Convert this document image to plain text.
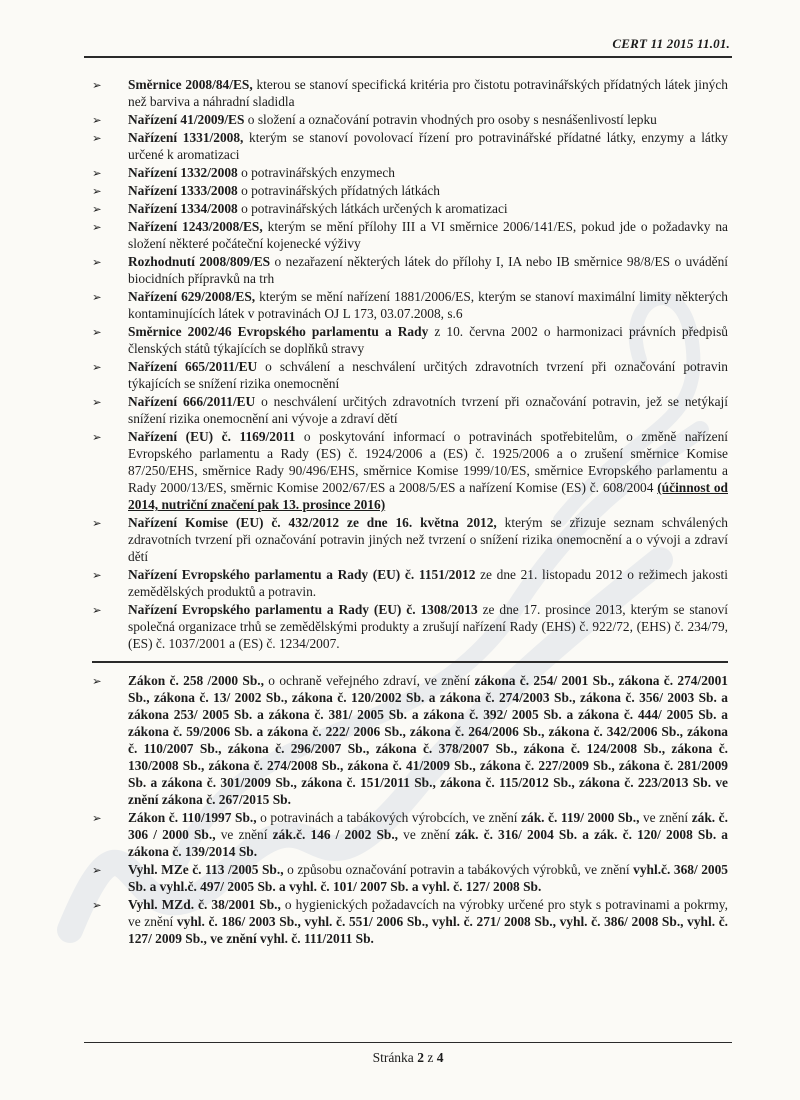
CERT 11 2015 11.01.
➢	Směrnice 2008/84/ES, kterou se stanoví specifická kritéria pro čistotu potravinářských přídatných látek jiných než barviva a náhradní sladidla
➢	Nařízení 41/2009/ES o složení a označování potravin vhodných pro osoby s nesnášenlivostí lepku
➢	Nařízení 1331/2008, kterým se stanoví povolovací řízení pro potravinářské přídatné látky, enzymy a látky určené k aromatizaci
➢	Nařízení 1332/2008 o potravinářských enzymech
➢	Nařízení 1333/2008 o potravinářských přídatných látkách
➢	Nařízení 1334/2008 o potravinářských látkách určených k aromatizaci
➢	Nařízení 1243/2008/ES, kterým se mění přílohy III a VI směrnice 2006/141/ES, pokud jde o požadavky na složení některé počáteční kojenecké výživy
➢	Rozhodnutí 2008/809/ES o nezařazení některých látek do přílohy I, IA nebo IB směrnice 98/8/ES o uvádění biocidních přípravků na trh
➢	Nařízení 629/2008/ES, kterým se mění nařízení 1881/2006/ES, kterým se stanoví maximální limity některých kontaminujících látek v potravinách OJ L 173, 03.07.2008, s.6
➢	Směrnice 2002/46 Evropského parlamentu a Rady z 10. června 2002 o harmonizaci právních předpisů členských států týkajících se doplňků stravy
➢	Nařízení 665/2011/EU o schválení a neschválení určitých zdravotních tvrzení při označování potravin týkajících se snížení rizika onemocnění
➢	Nařízení 666/2011/EU o neschválení určitých zdravotních tvrzení při označování potravin, jež se netýkají snížení rizika onemocnění ani vývoje a zdraví dětí
➢	Nařízení (EU) č. 1169/2011 o poskytování informací o potravinách spotřebitelům, o změně nařízení Evropského parlamentu a Rady (ES) č. 1924/2006 a (ES) č. 1925/2006 a o zrušení směrnice Komise 87/250/EHS, směrnice Rady 90/496/EHS, směrnice Komise 1999/10/ES, směrnice Evropského parlamentu a Rady 2000/13/ES, směrnic Komise 2002/67/ES a 2008/5/ES a nařízení Komise (ES) č. 608/2004 (účinnost od 2014, nutriční značení pak 13. prosince 2016)
➢	Nařízení Komise (EU) č. 432/2012 ze dne 16. května 2012, kterým se zřizuje seznam schválených zdravotních tvrzení při označování potravin jiných než tvrzení o snížení rizika onemocnění a o vývoji a zdraví dětí
➢	Nařízení Evropského parlamentu a Rady (EU) č. 1151/2012 ze dne 21. listopadu 2012 o režimech jakosti zemědělských produktů a potravin.
➢	Nařízení Evropského parlamentu a Rady (EU) č. 1308/2013 ze dne 17. prosince 2013, kterým se stanoví společná organizace trhů se zemědělskými produkty a zrušují nařízení Rady (EHS) č. 922/72, (EHS) č. 234/79, (ES) č. 1037/2001 a (ES) č. 1234/2007.
➢	Zákon č. 258 /2000 Sb., o ochraně veřejného zdraví, ve znění zákona č. 254/ 2001 Sb., zákona č. 274/2001 Sb., zákona č. 13/ 2002 Sb., zákona č. 120/2002 Sb. a zákona č. 274/2003 Sb., zákona č. 356/ 2003 Sb. a zákona 253/ 2005 Sb. a zákona č. 381/ 2005 Sb. a zákona č. 392/ 2005 Sb. a zákona č. 444/ 2005 Sb. a zákona č. 59/2006 Sb. a zákona č. 222/ 2006 Sb., zákona č. 264/2006 Sb., zákona č. 342/2006 Sb., zákona č. 110/2007 Sb., zákona č. 296/2007 Sb., zákona č. 378/2007 Sb., zákona č. 124/2008 Sb., zákona č. 130/2008 Sb., zákona č. 274/2008 Sb., zákona č. 41/2009 Sb., zákona č. 227/2009 Sb., zákona č. 281/2009 Sb. a zákona č. 301/2009 Sb., zákona č. 151/2011 Sb., zákona č. 115/2012 Sb., zákona č. 223/2013 Sb. ve znění zákona č. 267/2015 Sb.
➢	Zákon č. 110/1997 Sb., o potravinách a tabákových výrobcích, ve znění zák. č. 119/ 2000 Sb., ve znění zák. č. 306 / 2000 Sb., ve znění zák.č. 146 / 2002 Sb., ve znění zák. č. 316/ 2004 Sb. a zák. č. 120/ 2008 Sb. a zákona č. 139/2014 Sb.
➢	Vyhl. MZe č. 113 /2005 Sb., o způsobu označování potravin a tabákových výrobků, ve znění vyhl.č. 368/ 2005 Sb. a vyhl.č. 497/ 2005 Sb. a vyhl. č. 101/ 2007 Sb. a vyhl. č. 127/ 2008 Sb.
➢	Vyhl. MZd. č. 38/2001 Sb., o hygienických požadavcích na výrobky určené pro styk s potravinami a pokrmy, ve znění vyhl. č. 186/ 2003 Sb., vyhl. č. 551/ 2006 Sb., vyhl. č. 271/ 2008 Sb., vyhl. č. 386/ 2008 Sb., vyhl. č. 127/ 2009 Sb., ve znění vyhl. č. 111/2011 Sb.
Stránka 2 z 4
